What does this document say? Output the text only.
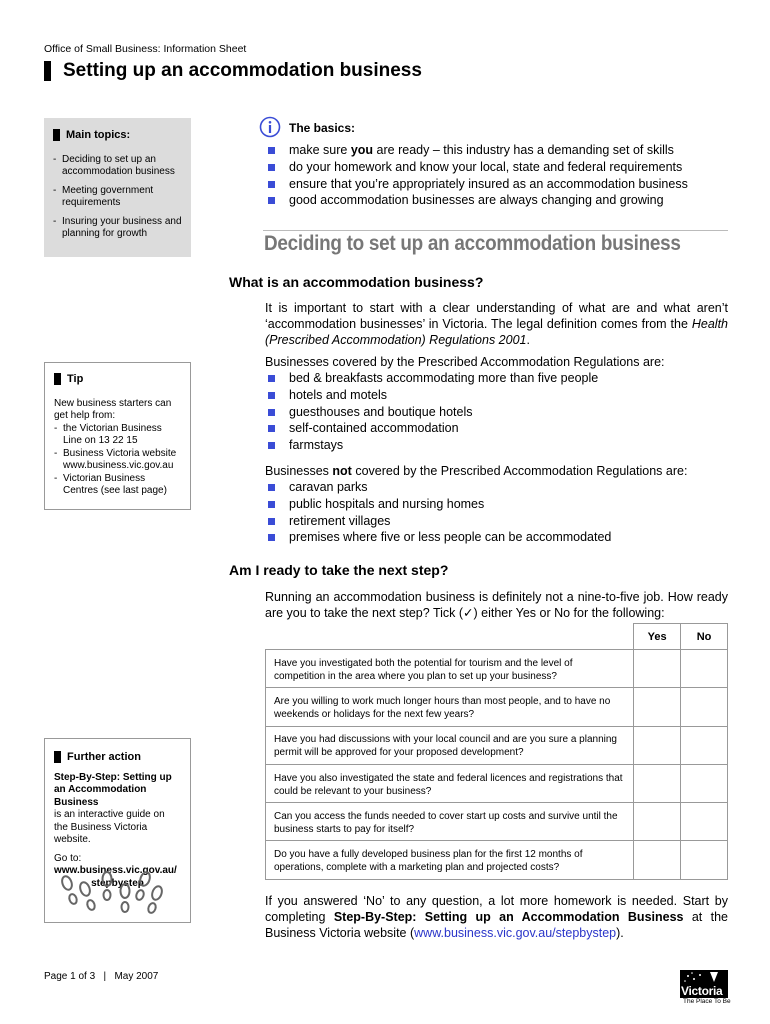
Office of Small Business: Information Sheet
Setting up an accommodation business
Main topics:
- Deciding to set up an accommodation business
- Meeting government requirements
- Insuring your business and planning for growth
Tip
New business starters can get help from:
- the Victorian Business Line on 13 22 15
- Business Victoria website www.business.vic.gov.au
- Victorian Business Centres (see last page)
Further action
Step-By-Step: Setting up an Accommodation Business
is an interactive guide on the Business Victoria website.
Go to:
www.business.vic.gov.au/
stepbystep
The basics:
make sure you are ready – this industry has a demanding set of skills
do your homework and know your local, state and federal requirements
ensure that you’re appropriately insured as an accommodation business
good accommodation businesses are always changing and growing
Deciding to set up an accommodation business
What is an accommodation business?

It is important to start with a clear understanding of what are and what aren’t ‘accommodation businesses’ in Victoria. The legal definition comes from the Health (Prescribed Accommodation) Regulations 2001.

Businesses covered by the Prescribed Accommodation Regulations are:

bed & breakfasts accommodating more than five people
hotels and motels
guesthouses and boutique hotels
self-contained accommodation
farmstays

Businesses not covered by the Prescribed Accommodation Regulations are:

caravan parks
public hospitals and nursing homes
retirement villages
premises where five or less people can be accommodated
Am I ready to take the next step?

Running an accommodation business is definitely not a nine-to-five job. How ready are you to take the next step? Tick (✓) either Yes or No for the following:

	Yes	No
Have you investigated both the potential for tourism and the level of competition in the area where you plan to set up your business?		
Are you willing to work much longer hours than most people, and to have no weekends or holidays for the next few years?		
Have you had discussions with your local council and are you sure a planning permit will be approved for your proposed development?		
Have you also investigated the state and federal licences and registrations that could be relevant to your business?		
Can you access the funds needed to cover start up costs and survive until the business starts to pay for itself?		
Do you have a fully developed business plan for the first 12 months of operations, complete with a marketing plan and projected costs?		

If you answered ‘No’ to any question, a lot more homework is needed. Start by completing Step-By-Step: Setting up an Accommodation Business at the Business Victoria website (www.business.vic.gov.au/stepbystep).

Page 1 of 3 | May 2007
Victoria
The Place To Be
